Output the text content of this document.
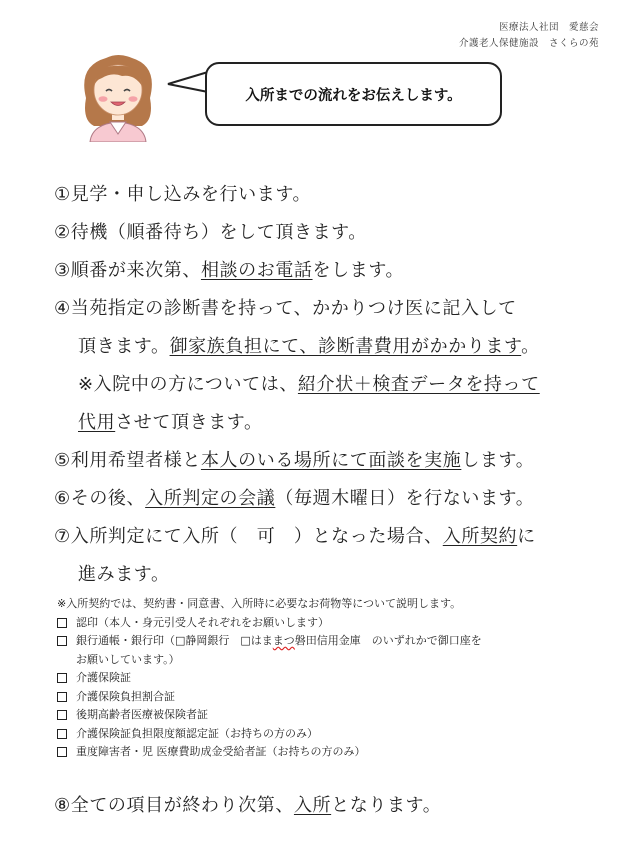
医療法人社団　愛慈会
介護老人保健施設　さくらの苑
入所までの流れをお伝えします。
①見学・申し込みを行います。
②待機（順番待ち）をして頂きます。
③順番が来次第、相談のお電話をします。
④当苑指定の診断書を持って、かかりつけ医に記入して
頂きます。御家族負担にて、診断書費用がかかります。
※入院中の方については、紹介状＋検査データを持って
代用させて頂きます。
⑤利用希望者様と本人のいる場所にて面談を実施します。
⑥その後、入所判定の会議（毎週木曜日）を行ないます。
⑦入所判定にて入所（　可　）となった場合、入所契約に
進みます。
※入所契約では、契約書・同意書、入所時に必要なお荷物等について説明します。
認印（本人・身元引受人それぞれをお願いします）
銀行通帳・銀行印（□静岡銀行　□はままつ磐田信用金庫　のいずれかで御口座を
お願いしています。）
介護保険証
介護保険負担割合証
後期高齢者医療被保険者証
介護保険証負担限度額認定証（お持ちの方のみ）
重度障害者・児 医療費助成金受給者証（お持ちの方のみ）
⑧全ての項目が終わり次第、入所となります。
